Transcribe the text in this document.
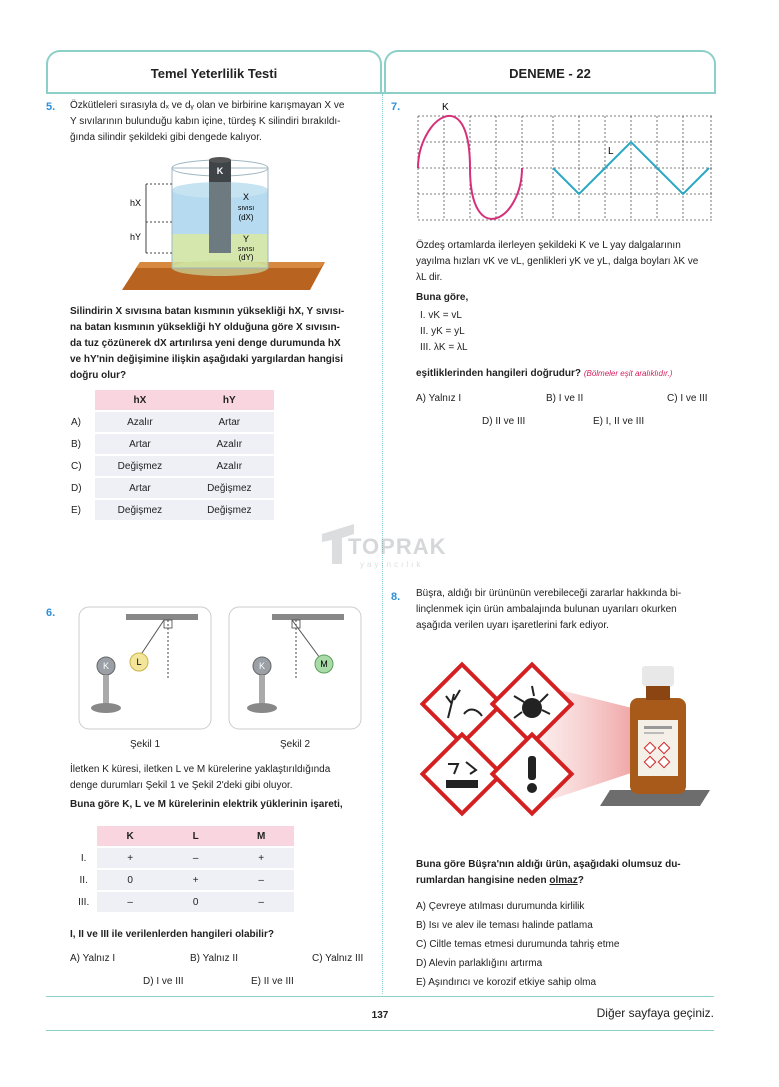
Temel Yeterlilik Testi	DENEME - 22
5. Özkütleleri sırasıyla dₓ ve dᵧ olan ve birbirine karışmayan X ve
Y sıvılarının bulunduğu kabın içine, türdeş K silindiri bırakıldı-
ğında silindir şekildeki gibi dengede kalıyor.
K
hX
hY
X
sıvısı
(dX)
Y
sıvısı
(dY)
Silindirin X sıvısına batan kısmının yüksekliği hX, Y sıvısı-
na batan kısmının yüksekliği hY olduğuna göre X sıvısın-
da tuz çözünerek dX artırılırsa yeni denge durumunda hX
ve hY'nin değişimine ilişkin aşağıdaki yargılardan hangisi
doğru olur?
	hX	hY
A)	Azalır	Artar
B)	Artar	Azalır
C)	Değişmez	Azalır
D)	Artar	Değişmez
E)	Değişmez	Değişmez
7.	K
L
Özdeş ortamlarda ilerleyen şekildeki K ve L yay dalgalarının
yayılma hızları vK ve vL, genlikleri yK ve yL, dalga boyları λK ve
λL dir.
Buna göre,
I. vK = vL
II. yK = yL
III. λK = λL
eşitliklerinden hangileri doğrudur? (Bölmeler eşit aralıklıdır.)
A) Yalnız I	B) I ve II	C) I ve III
D) II ve III	E) I, II ve III
TOPRAK
yayıncılık
6.
L
K	M
K
Şekil 1	Şekil 2
İletken K küresi, iletken L ve M kürelerine yaklaştırıldığında
denge durumları Şekil 1 ve Şekil 2'deki gibi oluyor.
Buna göre K, L ve M kürelerinin elektrik yüklerinin işareti,
	K	L	M
I.	+	–	+
II.	0	+	–
III.	–	0	–
I, II ve III ile verilenlerden hangileri olabilir?
A) Yalnız I	B) Yalnız II	C) Yalnız III
D) I ve III	E) II ve III
8. Büşra, aldığı bir ürününün verebileceği zararlar hakkında bi-
linçlenmek için ürün ambalajında bulunan uyarıları okurken
aşağıda verilen uyarı işaretlerini fark ediyor.
Buna göre Büşra'nın aldığı ürün, aşağıdaki olumsuz du-
rumlardan hangisine neden olmaz?
A) Çevreye atılması durumunda kirlilik
B) Isı ve alev ile teması halinde patlama
C) Ciltle temas etmesi durumunda tahriş etme
D) Alevin parlaklığını artırma
E) Aşındırıcı ve korozif etkiye sahip olma
137	Diğer sayfaya geçiniz.
